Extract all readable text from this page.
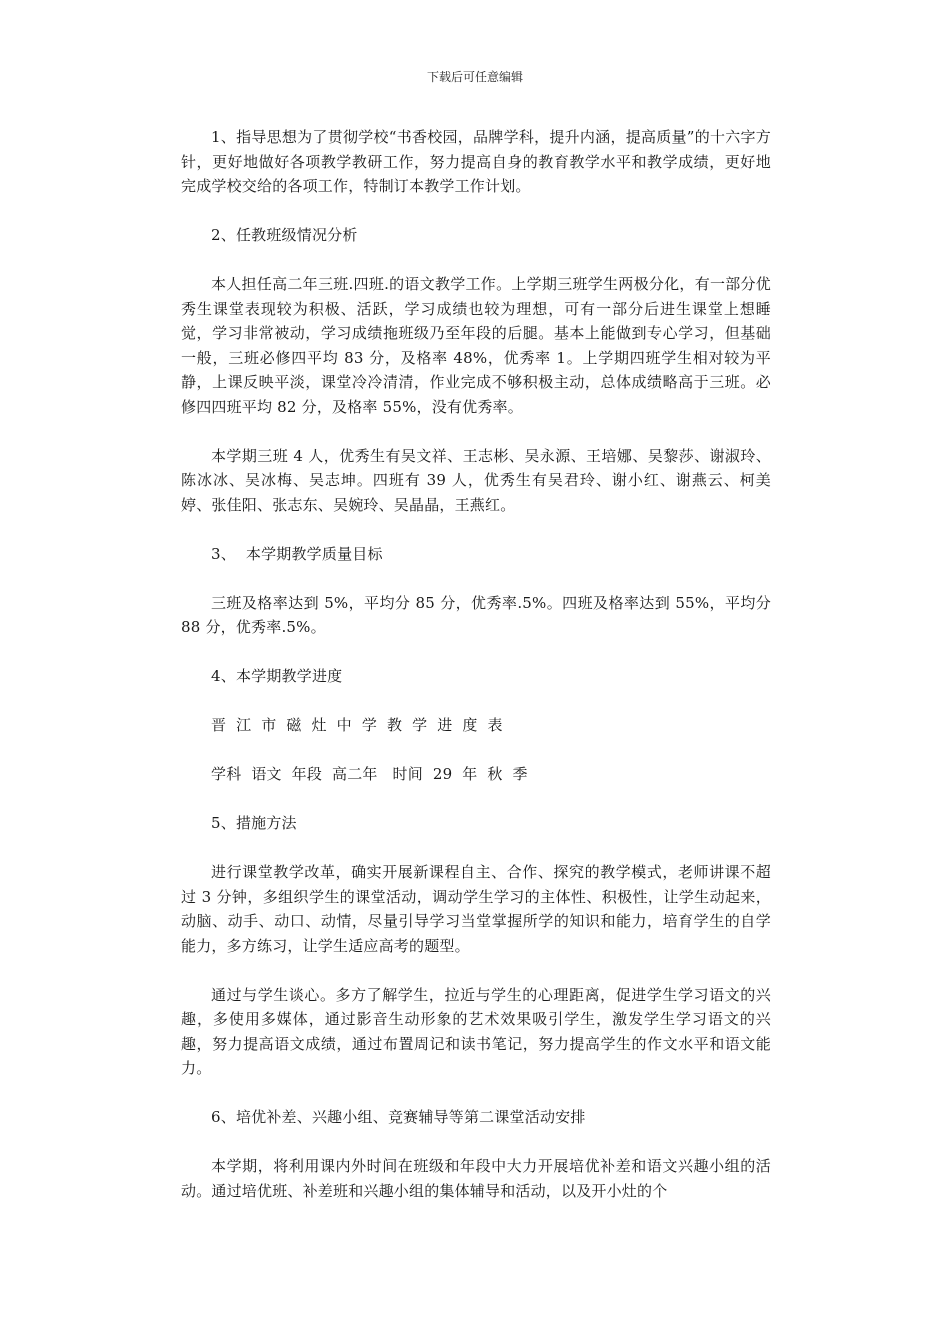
下载后可任意编辑

1、指导思想为了贯彻学校“书香校园，品牌学科，提升内涵，提高质量”的十六字方针，更好地做好各项教学教研工作，努力提高自身的教育教学水平和教学成绩，更好地完成学校交给的各项工作，特制订本教学工作计划。

2、任教班级情况分析

本人担任高二年三班.四班.的语文教学工作。上学期三班学生两极分化，有一部分优秀生课堂表现较为积极、活跃，学习成绩也较为理想，可有一部分后进生课堂上想睡觉，学习非常被动，学习成绩拖班级乃至年段的后腿。基本上能做到专心学习，但基础一般，三班必修四平均 83 分，及格率 48%，优秀率 1。上学期四班学生相对较为平静，上课反映平淡，课堂冷冷清清，作业完成不够积极主动，总体成绩略高于三班。必修四四班平均 82 分，及格率 55%，没有优秀率。

本学期三班 4 人，优秀生有吴文祥、王志彬、吴永源、王培娜、吴黎莎、谢淑玲、陈冰冰、吴冰梅、吴志坤。四班有 39 人，优秀生有吴君玲、谢小红、谢燕云、柯美婷、张佳阳、张志东、吴婉玲、吴晶晶，王燕红。

3、  本学期教学质量目标

三班及格率达到 5%，平均分 85 分，优秀率.5%。四班及格率达到 55%，平均分 88 分，优秀率.5%。

4、本学期教学进度

晋  江  市  磁  灶  中  学  教  学  进  度  表

学科  语文  年段  高二年   时间  29  年  秋  季

5、措施方法

进行课堂教学改革，确实开展新课程自主、合作、探究的教学模式，老师讲课不超过 3 分钟，多组织学生的课堂活动，调动学生学习的主体性、积极性，让学生动起来，动脑、动手、动口、动情，尽量引导学习当堂掌握所学的知识和能力，培育学生的自学能力，多方练习，让学生适应高考的题型。

通过与学生谈心。多方了解学生，拉近与学生的心理距离，促进学生学习语文的兴趣，多使用多媒体，通过影音生动形象的艺术效果吸引学生，激发学生学习语文的兴趣，努力提高语文成绩，通过布置周记和读书笔记，努力提高学生的作文水平和语文能力。

6、培优补差、兴趣小组、竞赛辅导等第二课堂活动安排

本学期，将利用课内外时间在班级和年段中大力开展培优补差和语文兴趣小组的活动。通过培优班、补差班和兴趣小组的集体辅导和活动，以及开小灶的个
